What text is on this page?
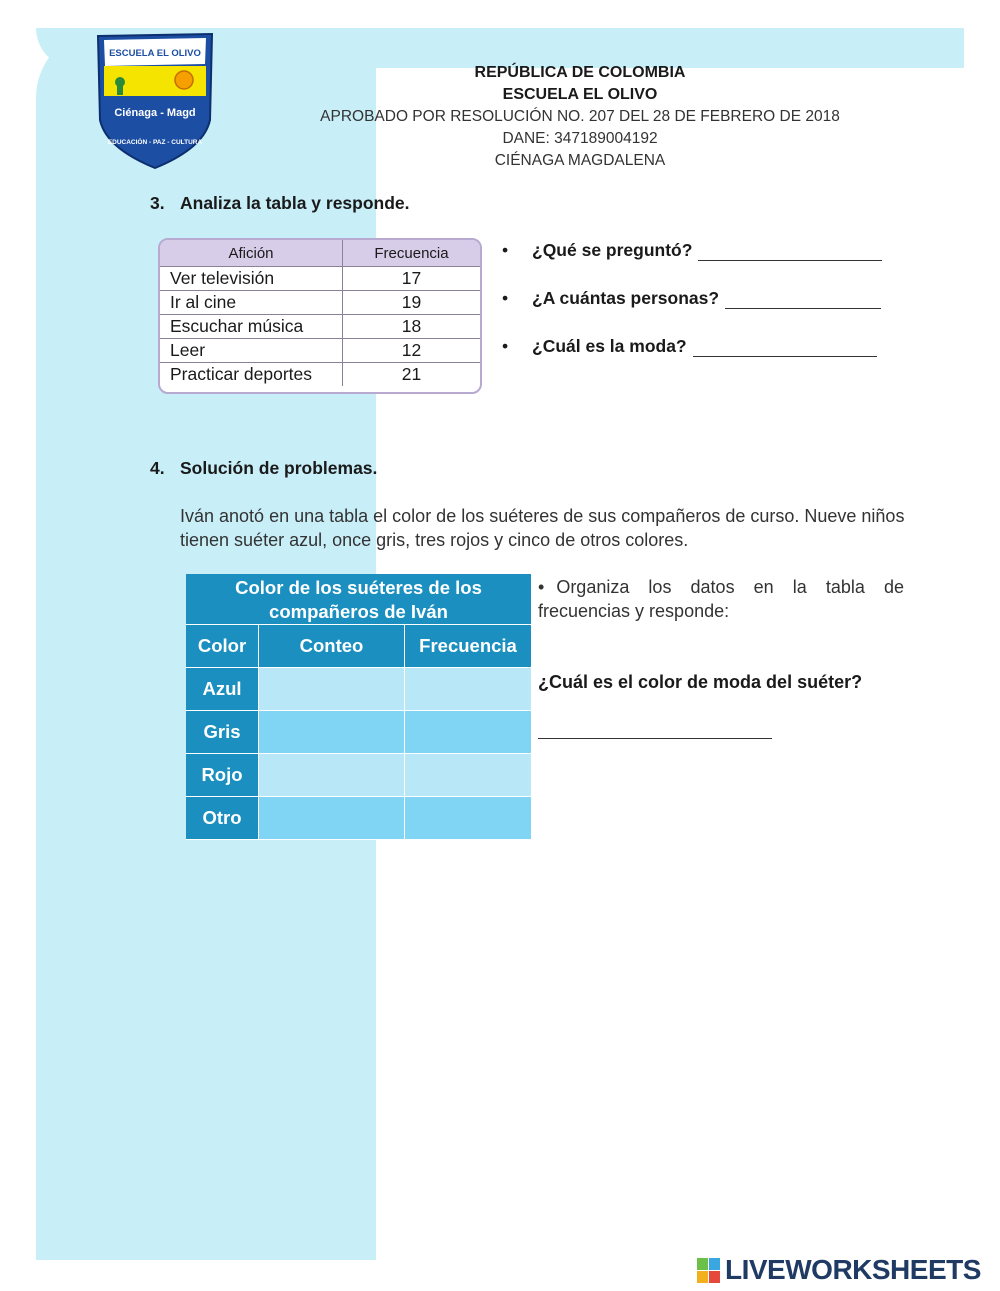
ESCUELA EL OLIVO
Ciénaga - Magd
EDUCACIÓN - PAZ - CULTURA
REPÚBLICA DE COLOMBIA
ESCUELA EL OLIVO
APROBADO POR RESOLUCIÓN NO. 207 DEL 28 DE FEBRERO DE 2018
DANE: 347189004192
CIÉNAGA MAGDALENA
3. Analiza la tabla y responde.
Afición	Frecuencia
Ver televisión	17
Ir al cine	19
Escuchar música	18
Leer	12
Practicar deportes	21
• ¿Qué se preguntó?
• ¿A cuántas personas?
• ¿Cuál es la moda?
4. Solución de problemas.
Iván anotó en una tabla el color de los suéteres de sus compañeros de curso. Nueve niños tienen suéter azul, once gris, tres rojos y cinco de otros colores.
Color de los suéteres de los compañeros de Iván		
Color	Conteo	Frecuencia
Azul		
Gris		
Rojo		
Otro		
• Organiza los datos en la tabla de frecuencias y responde:
¿Cuál es el color de moda del suéter?
LIVEWORKSHEETS
